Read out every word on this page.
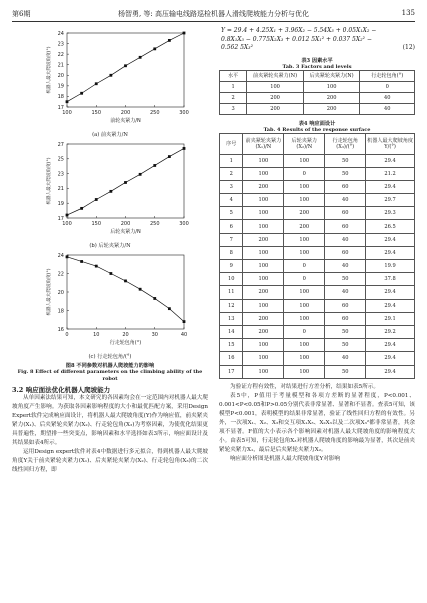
第6期	杨智勇, 等: 高压输电线路巡检机器人滑线爬坡能力分析与优化	135
100	150	200	250	300
17
18
19
20
21
22
23
24
前轮夹紧力/N
机器人最大爬坡角度(°)
(a) 前夹紧力/N
100	150	200	250	300
17
19
21
23
25
27
后轮夹紧力/N
机器人最大爬坡角度(°)
(b) 后轮夹紧力/N
0	10	20	30	40
16
18
20
22
24
行走轮包角(°)
机器人最大爬坡角度(°)
(c) 行走轮包角/(°)
图8 不同参数对机器人爬坡能力的影响
Fig. 8 Effect of different parameters on the climbing ability of the
robot
3.2 响应面法优化机器人爬坡能力

从单因素法结果可知，本文研究的各因素均会在一定范围内对机器人最大爬坡角度产生影响。为获取各因素影响程度的大小和最优匹配方案，采用Design Expert软件完成响应面设计，将机器人最大爬坡角度(Y)作为响应值，前夹紧夹紧力(X₁)、后夹紧轮夹紧力(X₂)、行走轮包角(X₃)为考察因素，为使优化结果更具普遍性，期望排一些突变点，影响因素和水平选择如表3所示，响应面设计及其结果如表4所示。

运用Design expert软件对表4中数据进行多元拟合，得到机器人最大爬坡角度Y关于前夹紧轮夹紧力(X₁)、后夹紧轮夹紧力(X₂)、行走轮包角(X₃)的二次线性回归方程，即

Y = 29.4 + 4.25X₁ + 3.96X₂ − 5.54X₃ + 0.05X₁X₂ −
0.8X₁X₃ − 0.775X₂X₃ + 0.012 5X₁² + 0.037 5X₂² −
0.562 5X₃²	(12)
表3 因素水平
Tab. 3 Factors and levels
水平	前夹紧轮夹紧力(N)	后夹紧轮夹紧力(N)	行走轮包角(°)
1	100	100	0
2	200	200	40
3	200	200	40
表4 响应面设计
Tab. 4 Results of the response surface
序号	前夹紧轮夹紧力(X₁)/N	后轮夹紧力(X₂)/N	行走轮包角(X₃)/(°)	机器人最大爬坡角度Y/(°)
1	100	100	50	29.4
2	100	0	50	21.2
3	200	100	60	29.4
4	100	100	40	29.7
5	100	200	60	29.3
6	100	200	60	26.5
7	200	100	40	29.4
8	100	100	60	29.4
9	100	0	40	19.9
10	100	0	50	37.8
11	200	100	40	29.4
12	100	100	60	29.4
13	200	100	60	29.1
14	200	0	50	29.2
15	100	100	50	29.4
16	100	100	40	29.4
17	100	100	50	29.4

为验证方程有效性，对结果进行方差分析，结果如表5所示。

表5中，P值用于考量模型和各项方差断的显著程度，P<0.001、0.001<P<0.05和P>0.05分别代表非常显著、显著和不显著。查表5可知，该模型P<0.001，表明模型的结果非常显著，验证了线性回归方程的有效性。另外，一次项X₁、X₂、X₃和交互项X₁X₃、X₂X₃以及二次项X₃²都非常显著，其余项不显著。F值的大小表示各个影响因素对机器人最大爬坡角度的影响程度大小。由表5可知，行走轮包角X₃对机器人爬坡角度的影响最为显著，其次是前夹紧轮夹紧力X₁，最后是后夹紧轮夹紧力X₂。

响应面分析图是机器人最大爬坡角度Y对影响
